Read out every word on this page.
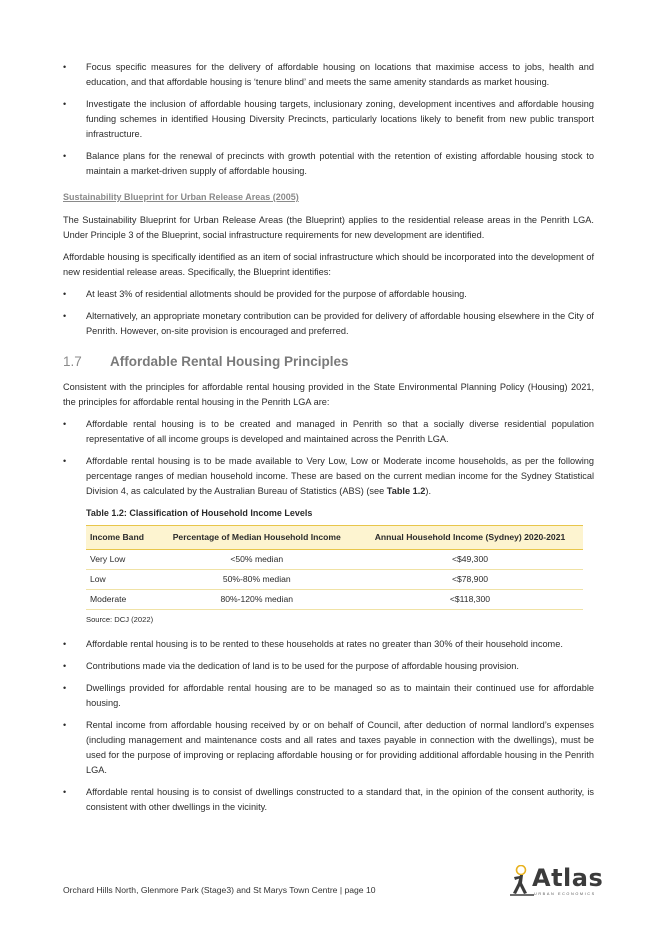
• Focus specific measures for the delivery of affordable housing on locations that maximise access to jobs, health and education, and that affordable housing is ‘tenure blind’ and meets the same amenity standards as market housing.
• Investigate the inclusion of affordable housing targets, inclusionary zoning, development incentives and affordable housing funding schemes in identified Housing Diversity Precincts, particularly locations likely to benefit from new public transport infrastructure.
• Balance plans for the renewal of precincts with growth potential with the retention of existing affordable housing stock to maintain a market-driven supply of affordable housing.
Sustainability Blueprint for Urban Release Areas (2005)

The Sustainability Blueprint for Urban Release Areas (the Blueprint) applies to the residential release areas in the Penrith LGA. Under Principle 3 of the Blueprint, social infrastructure requirements for new development are identified.

Affordable housing is specifically identified as an item of social infrastructure which should be incorporated into the development of new residential release areas. Specifically, the Blueprint identifies:

• At least 3% of residential allotments should be provided for the purpose of affordable housing.
• Alternatively, an appropriate monetary contribution can be provided for delivery of affordable housing elsewhere in the City of Penrith. However, on-site provision is encouraged and preferred.
1.7 Affordable Rental Housing Principles

Consistent with the principles for affordable rental housing provided in the State Environmental Planning Policy (Housing) 2021, the principles for affordable rental housing in the Penrith LGA are:

• Affordable rental housing is to be created and managed in Penrith so that a socially diverse residential population representative of all income groups is developed and maintained across the Penrith LGA.
• Affordable rental housing is to be made available to Very Low, Low or Moderate income households, as per the following percentage ranges of median household income. These are based on the current median income for the Sydney Statistical Division 4, as calculated by the Australian Bureau of Statistics (ABS) (see Table 1.2).
Table 1.2: Classification of Household Income Levels
Income Band	Percentage of Median Household Income	Annual Household Income (Sydney) 2020-2021
Very Low	<50% median	<$49,300
Low	50%-80% median	<$78,900
Moderate	80%-120% median	<$118,300
Source: DCJ (2022)
• Affordable rental housing is to be rented to these households at rates no greater than 30% of their household income.
• Contributions made via the dedication of land is to be used for the purpose of affordable housing provision.
• Dwellings provided for affordable rental housing are to be managed so as to maintain their continued use for affordable housing.
• Rental income from affordable housing received by or on behalf of Council, after deduction of normal landlord’s expenses (including management and maintenance costs and all rates and taxes payable in connection with the dwellings), must be used for the purpose of improving or replacing affordable housing or for providing additional affordable housing in the Penrith LGA.
• Affordable rental housing is to consist of dwellings constructed to a standard that, in the opinion of the consent authority, is consistent with other dwellings in the vicinity.
Orchard Hills North, Glenmore Park (Stage3) and St Marys Town Centre | page 10	Atlas
URBAN ECONOMICS
